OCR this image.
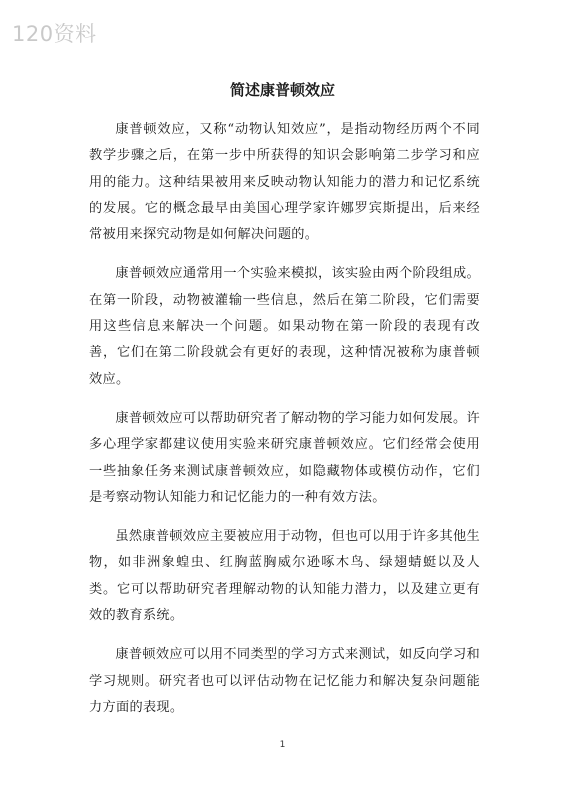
120资料
简述康普顿效应

康普顿效应，又称“动物认知效应”，是指动物经历两个不同教学步骤之后，在第一步中所获得的知识会影响第二步学习和应用的能力。这种结果被用来反映动物认知能力的潜力和记忆系统的发展。它的概念最早由美国心理学家许娜罗宾斯提出，后来经常被用来探究动物是如何解决问题的。

康普顿效应通常用一个实验来模拟，该实验由两个阶段组成。在第一阶段，动物被灌输一些信息，然后在第二阶段，它们需要用这些信息来解决一个问题。如果动物在第一阶段的表现有改善，它们在第二阶段就会有更好的表现，这种情况被称为康普顿效应。

康普顿效应可以帮助研究者了解动物的学习能力如何发展。许多心理学家都建议使用实验来研究康普顿效应。它们经常会使用一些抽象任务来测试康普顿效应，如隐藏物体或模仿动作，它们是考察动物认知能力和记忆能力的一种有效方法。

虽然康普顿效应主要被应用于动物，但也可以用于许多其他生物，如非洲象蝗虫、红胸蓝胸威尔逊啄木鸟、绿翅蜻蜓以及人类。它可以帮助研究者理解动物的认知能力潜力，以及建立更有效的教育系统。

康普顿效应可以用不同类型的学习方式来测试，如反向学习和学习规则。研究者也可以评估动物在记忆能力和解决复杂问题能力方面的表现。

1
